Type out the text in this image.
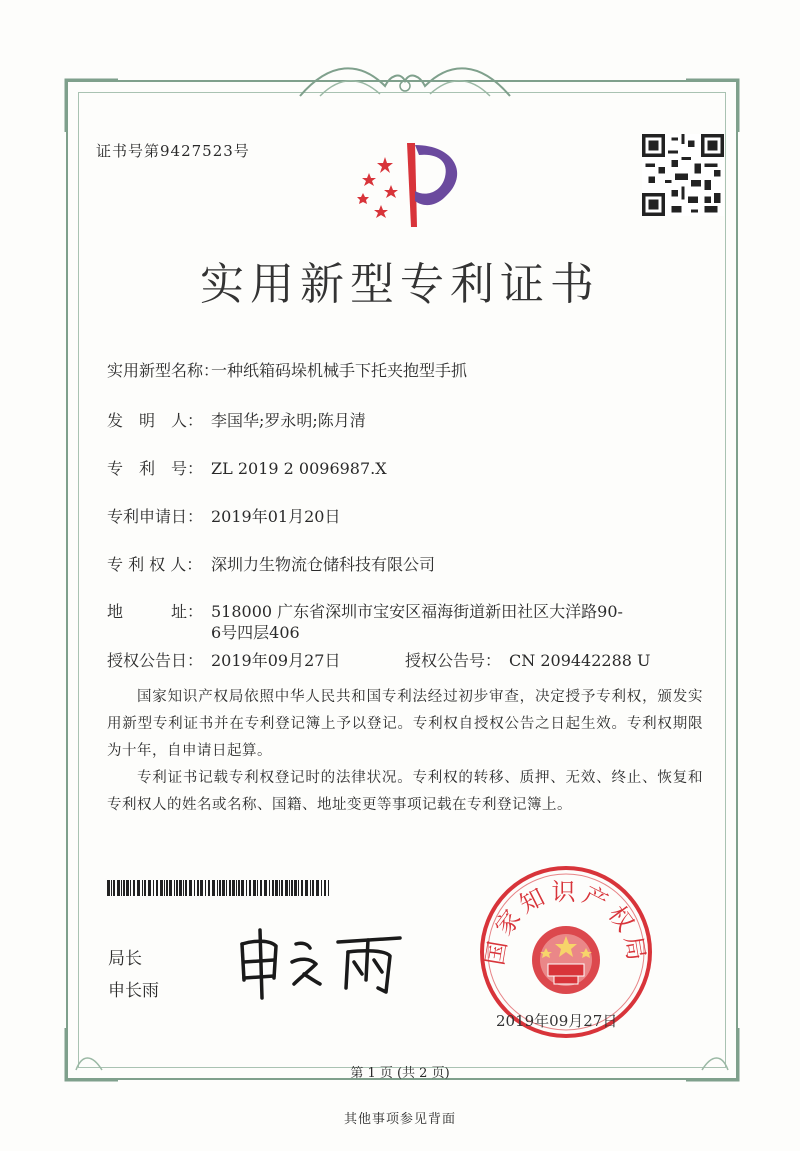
证书号第9427523号
实用新型专利证书
实用新型名称：一种纸箱码垛机械手下托夹抱型手抓
发　明　人： 李国华;罗永明;陈月清
专　利　号： ZL 2019 2 0096987.X
专利申请日： 2019年01月20日
专 利 权 人： 深圳力生物流仓储科技有限公司
地　　　址： 518000 广东省深圳市宝安区福海街道新田社区大洋路90-
6号四层406
授权公告日： 2019年09月27日	授权公告号： CN 209442288 U
国家知识产权局依照中华人民共和国专利法经过初步审查，决定授予专利权，颁发实用新型专利证书并在专利登记簿上予以登记。专利权自授权公告之日起生效。专利权期限为十年，自申请日起算。
专利证书记载专利权登记时的法律状况。专利权的转移、质押、无效、终止、恢复和专利权人的姓名或名称、国籍、地址变更等事项记载在专利登记簿上。
局长
申长雨
国家知识产权局
2019年09月27日
第 1 页 (共 2 页)
其他事项参见背面
